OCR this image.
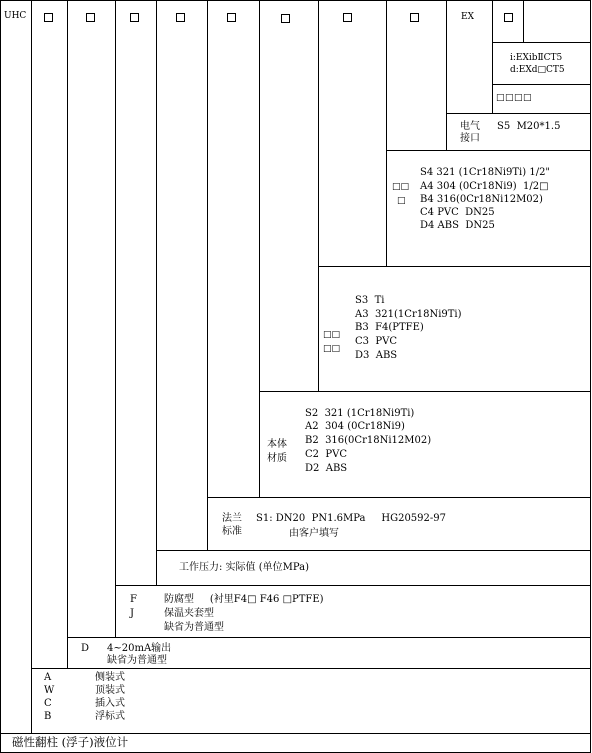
UHC	EX
i:EXibⅡCT5
d:EXd□CT5
□□□□
电气
接口
S5  M20*1.5
□□
□
S4 321 (1Cr18Ni9Ti) 1/2"
A4 304 (0Cr18Ni9)  1/2□
B4 316(0Cr18Ni12M02)
C4 PVC  DN25
D4 ABS  DN25
□□
□□
S3  Ti
A3  321(1Cr18Ni9Ti)
B3  F4(PTFE)
C3  PVC
D3  ABS
本体
材质
S2  321 (1Cr18Ni9Ti)
A2  304 (0Cr18Ni9)
B2  316(0Cr18Ni12M02)
C2  PVC
D2  ABS
法兰
标准
S1: DN20  PN1.6MPa     HG20592-97
由客户填写
工作压力: 实际值 (单位MPa)
F
J
防腐型     (衬里F4□ F46 □PTFE)
保温夹套型
缺省为普通型
D 4~20mA输出
缺省为普通型
A
W
C
B
侧装式
顶装式
插入式
浮标式
磁性翻柱 (浮子)液位计
